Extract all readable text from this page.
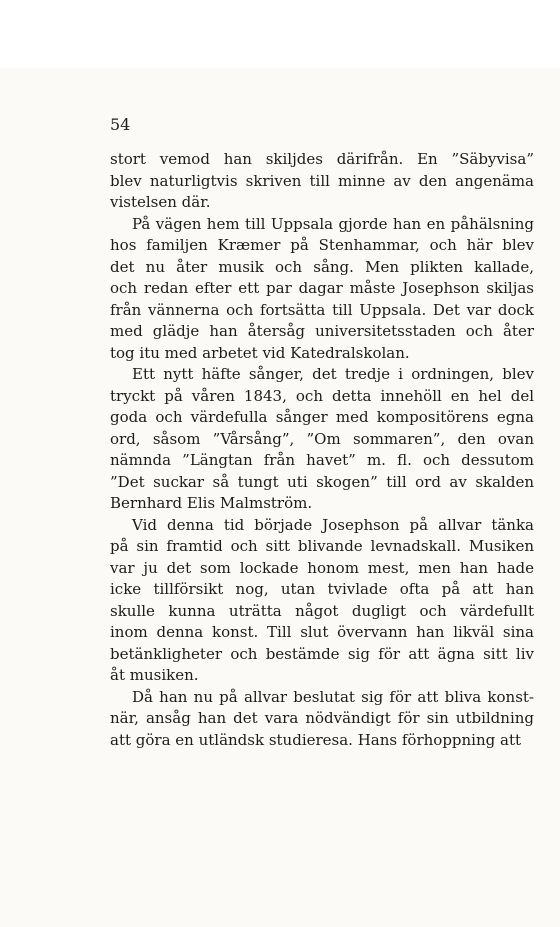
54

stort vemod han skiljdes därifrån. En ”Säbyvisa”
blev naturligtvis skriven till minne av den angenäma
vistelsen där.

På vägen hem till Uppsala gjorde han en påhälsning
hos familjen Kræmer på Stenhammar, och här blev
det nu åter musik och sång. Men plikten kallade,
och redan efter ett par dagar måste Josephson skiljas
från vännerna och fortsätta till Uppsala. Det var dock
med glädje han återsåg universitetsstaden och åter
tog itu med arbetet vid Katedralskolan.

Ett nytt häfte sånger, det tredje i ordningen, blev
tryckt på våren 1843, och detta innehöll en hel del
goda och värdefulla sånger med kompositörens egna
ord, såsom ”Vårsång”, ”Om sommaren”, den ovan
nämnda ”Längtan från havet” m. fl. och dessutom
”Det suckar så tungt uti skogen” till ord av skalden
Bernhard Elis Malmström.

Vid denna tid började Josephson på allvar tänka
på sin framtid och sitt blivande levnadskall. Musiken
var ju det som lockade honom mest, men han hade
icke tillförsikt nog, utan tvivlade ofta på att han
skulle kunna uträtta något dugligt och värdefullt
inom denna konst. Till slut övervann han likväl sina
betänkligheter och bestämde sig för att ägna sitt liv
åt musiken.

Då han nu på allvar beslutat sig för att bliva konst-
när, ansåg han det vara nödvändigt för sin utbildning
att göra en utländsk studieresa. Hans förhoppning att
